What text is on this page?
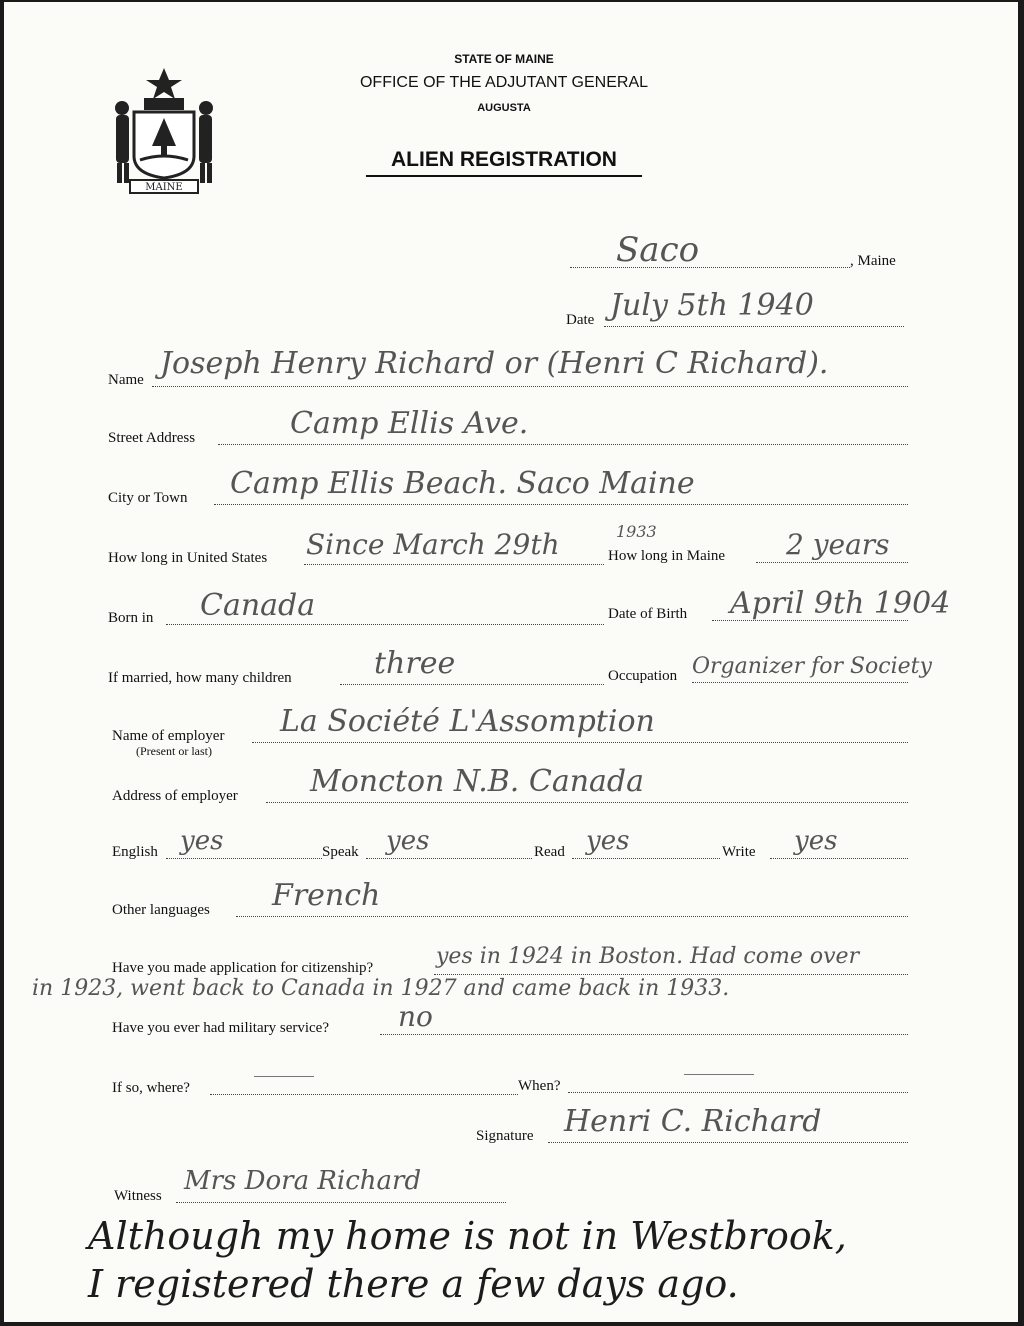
MAINE
STATE OF MAINE
OFFICE OF THE ADJUTANT GENERAL
AUGUSTA
ALIEN REGISTRATION
, Maine
Saco
Date July 5th 1940
Name Joseph Henry Richard or (Henri C Richard).
Street Address	Camp Ellis Ave.
City or Town Camp Ellis Beach. Saco Maine
How long in United States Since March 29th	1933
How long in Maine 2 years
Born in Canada	Date of Birth April 9th 1904
If married, how many children	three	Occupation Organizer for Society
Name of employer
(Present or last)
La Société L'Assomption
Address of employer Moncton N.B. Canada
English yes	Speak yes	Read yes	Write yes
Other languages French
Have you made application for citizenship?	yes in 1924 in Boston. Had come over
in 1923, went back to Canada in 1927 and came back in 1933.
Have you ever had military service? no
If so, where?	When?
Signature Henri C. Richard
Witness Mrs Dora Richard
Although my home is not in Westbrook,
I registered there a few days ago.
